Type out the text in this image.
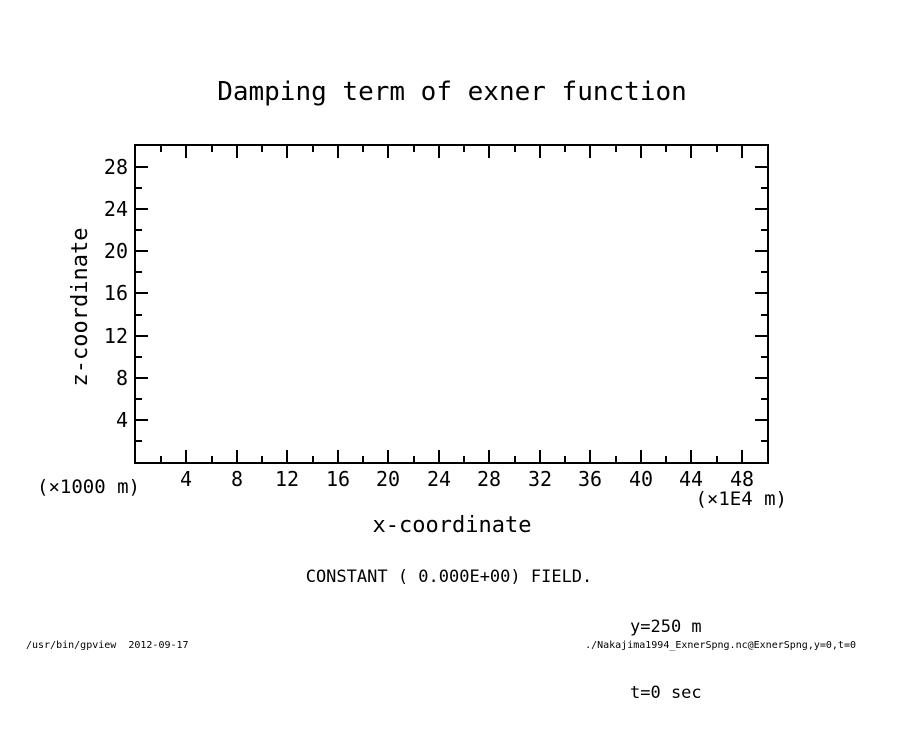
Damping term of exner function
z-coordinate
4	8	12	16	20	24	28	32	36	40	44	48
4
8
12
16
20
24
28
(×1000 m)
(×1E4 m)
x-coordinate
CONSTANT ( 0.000E+00) FIELD.

y=250 m

t=0 sec

/usr/bin/gpview  2012-09-17	./Nakajima1994_ExnerSpng.nc@ExnerSpng,y=0,t=0
